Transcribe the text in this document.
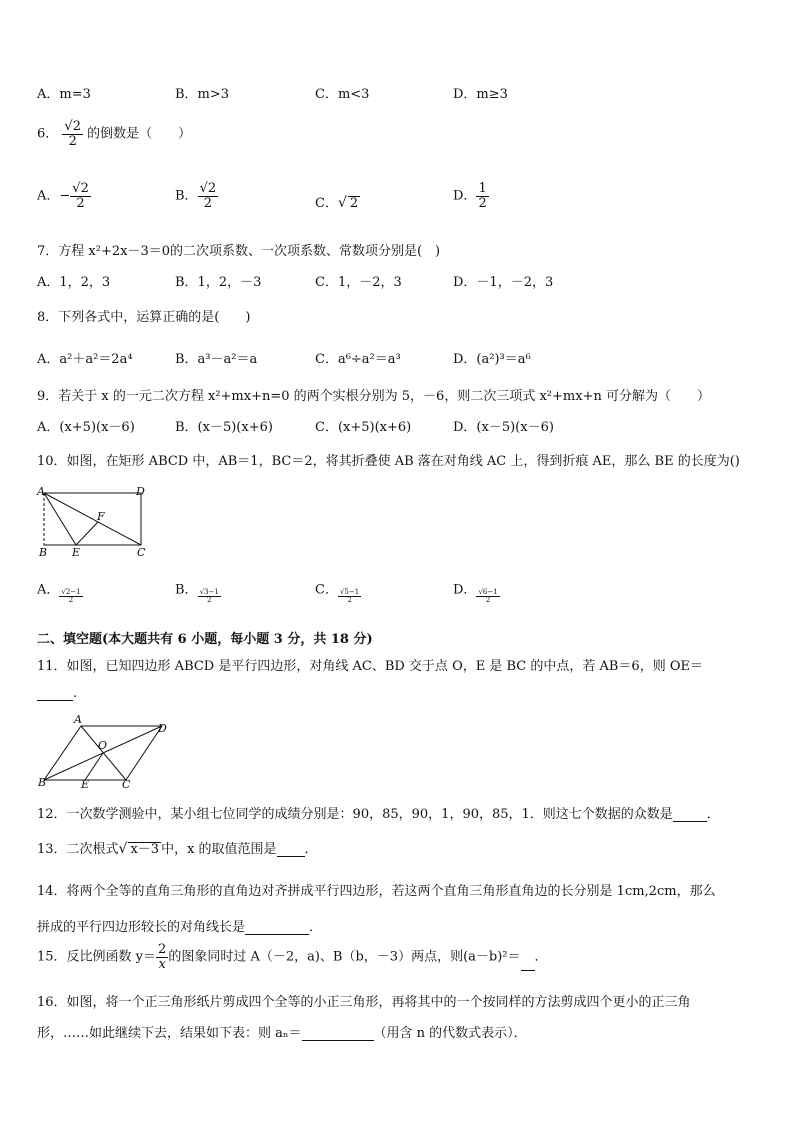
A．m=3	B．m>3	C．m<3	D．m≥3
6． $\frac{√2}{2}$ 的倒数是（　　）
A．− $\frac{√2}{2}$	B． $\frac{√2}{2}$	C．√ 2	D． $\frac{1}{2}$
7．方程 x²+2x－3＝0的二次项系数、一次项系数、常数项分别是(　)
A．1，2，3	B．1，2，－3	C．1，－2，3	D．－1，－2，3
8．下列各式中，运算正确的是(　　)
A．a²＋a²＝2a⁴	B．a³－a²＝a	C．a⁶÷a²＝a³	D．(a²)³＝a⁶
9．若关于 x 的一元二次方程 x²+mx+n=0 的两个实根分别为 5，－6，则二次三项式 x²+mx+n 可分解为（　　）
A．(x+5)(x－6)	B．(x－5)(x+6)	C．(x+5)(x+6)	D．(x－5)(x－6)
10．如图，在矩形 ABCD 中，AB＝1，BC＝2，将其折叠使 AB 落在对角线 AC 上，得到折痕 AE，那么 BE 的长度为()
A	D
B E	C
F
A． $\frac{√2-1}{2}$	B． $\frac{√3-1}{2}$	C． $\frac{√5-1}{2}$	D． $\frac{√6-1}{2}$
二、填空题(本大题共有 6 小题，每小题 3 分，共 18 分)
11．如图，已知四边形 ABCD 是平行四边形，对角线 AC、BD 交于点 O，E 是 BC 的中点，若 AB＝6，则 OE＝
.
A
D
B	E	C
O
12．一次数学测验中，某小组七位同学的成绩分别是：90，85，90，1，90，85，1．则这七个数据的众数是	．
13．二次根式√ x－3 中，x 的取值范围是 ．
14．将两个全等的直角三角形的直角边对齐拼成平行四边形，若这两个直角三角形直角边的长分别是 1cm,2cm，那么
拼成的平行四边形较长的对角线长是	．
15．反比例函数 $y= \frac{2}{x}$ 的图象同时过 A（－2，a)、B（b，－3）两点，则(a－b)²＝ ．
16．如图，将一个正三角形纸片剪成四个全等的小正三角形，再将其中的一个按同样的方法剪成四个更小的正三角
形，……如此继续下去，结果如下表：则 aₙ＝	（用含 n 的代数式表示）．
